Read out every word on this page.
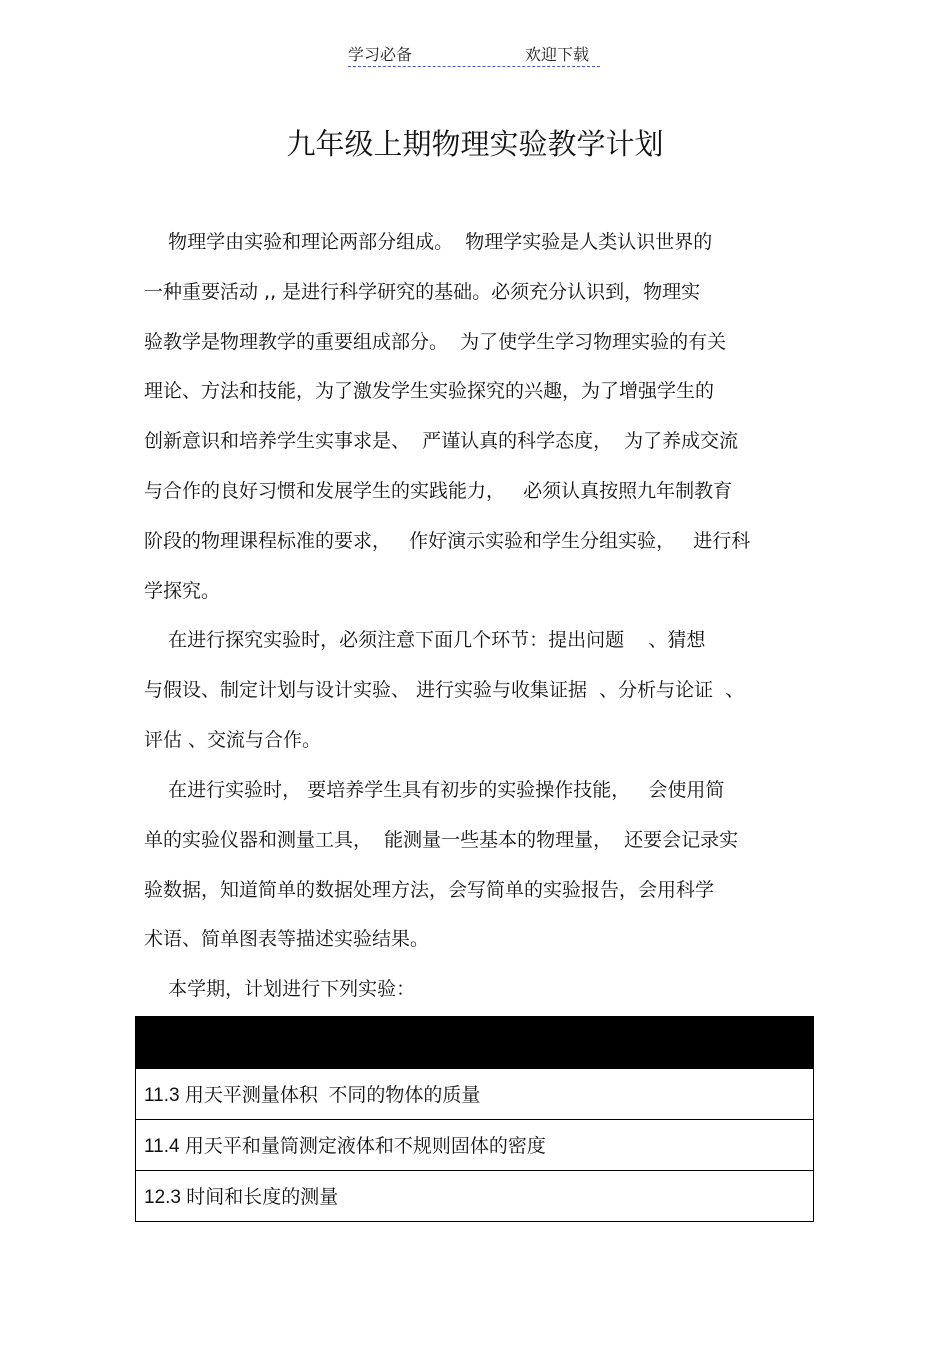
学习必备	欢迎下载
九年级上期物理实验教学计划
物理学由实验和理论两部分组成。  物理学实验是人类认识世界的
一种重要活动 ,, 是进行科学研究的基础。必须充分认识到，物理实
验教学是物理教学的重要组成部分。  为了使学生学习物理实验的有关
理论、方法和技能，为了激发学生实验探究的兴趣，为了增强学生的
创新意识和培养学生实事求是、  严谨认真的科学态度，  为了养成交流
与合作的良好习惯和发展学生的实践能力，   必须认真按照九年制教育
阶段的物理课程标准的要求，   作好演示实验和学生分组实验，   进行科
学探究。
在进行探究实验时，必须注意下面几个环节：提出问题    、猜想
与假设、制定计划与设计实验、 进行实验与收集证据  、分析与论证  、
评估 、交流与合作。
在进行实验时， 要培养学生具有初步的实验操作技能，   会使用简
单的实验仪器和测量工具，  能测量一些基本的物理量，  还要会记录实
验数据，知道简单的数据处理方法，会写简单的实验报告，会用科学
术语、简单图表等描述实验结果。
本学期，计划进行下列实验：
11.3 用天平测量体积  不同的物体的质量
11.4 用天平和量筒测定液体和不规则固体的密度
12.3 时间和长度的测量
